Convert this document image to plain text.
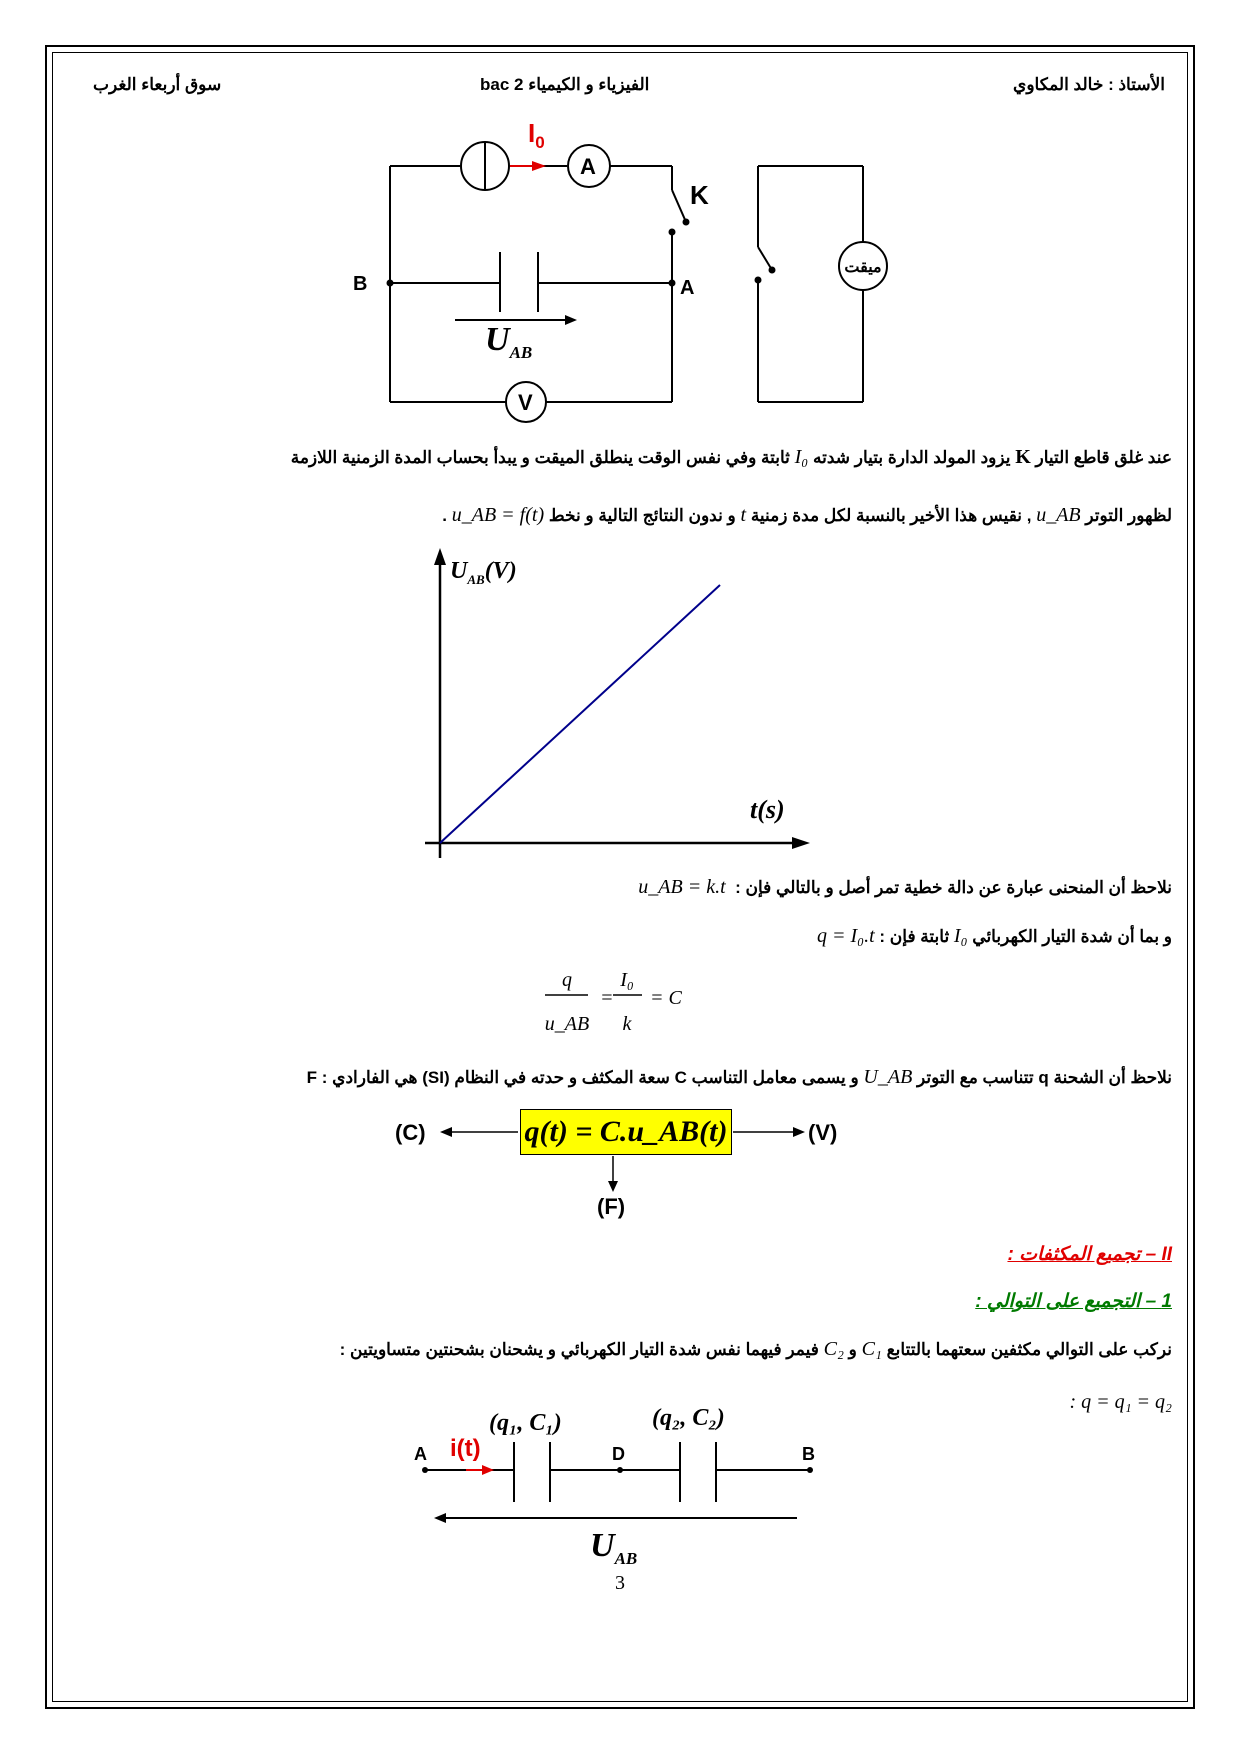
الأستاذ : خالد المكاوي
الفيزياء و الكيمياء 2 bac
سوق أربعاء الغرب
$I_0$
A
V
K
B	A
$U_{AB}$
ميقت
عند غلق قاطع التيار K يزود المولد الدارة بتيار شدته I₀ ثابتة وفي نفس الوقت ينطلق الميقت و يبدأ بحساب المدة الزمنية اللازمة
لظهور التوتر u_AB , نقيس هذا الأخير بالنسبة لكل مدة زمنية t و ندون النتائج التالية و نخط u_AB = f(t) .
$U_{AB}(V)$
t(s)
نلاحظ أن المنحنى عبارة عن دالة خطية تمر أصل و بالتالي فإن :  u_AB = k.t
و بما أن شدة التيار الكهربائي I₀ ثابتة فإن : q = I₀.t
q
u_AB
=
I₀
k
= C
نلاحظ أن الشحنة q تتناسب مع التوتر U_AB و يسمى معامل التناسب C سعة المكثف و حدته في النظام (SI) هي الفارادي F :
q(t) = C.u_AB(t)
(C)	(V)
(F)
II – تجميع المكثفات :
1 – التجميع على التوالي :
نركب على التوالي مكثفين سعتهما بالتتابع C₁ و C₂ فيمر فيهما نفس شدة التيار الكهربائي و يشحنان بشحنتين متساويتين :
: q = q₁ = q₂
A	D	B
i(t)
(q₁, C₁)	(q₂, C₂)
$U_{AB}$
3
